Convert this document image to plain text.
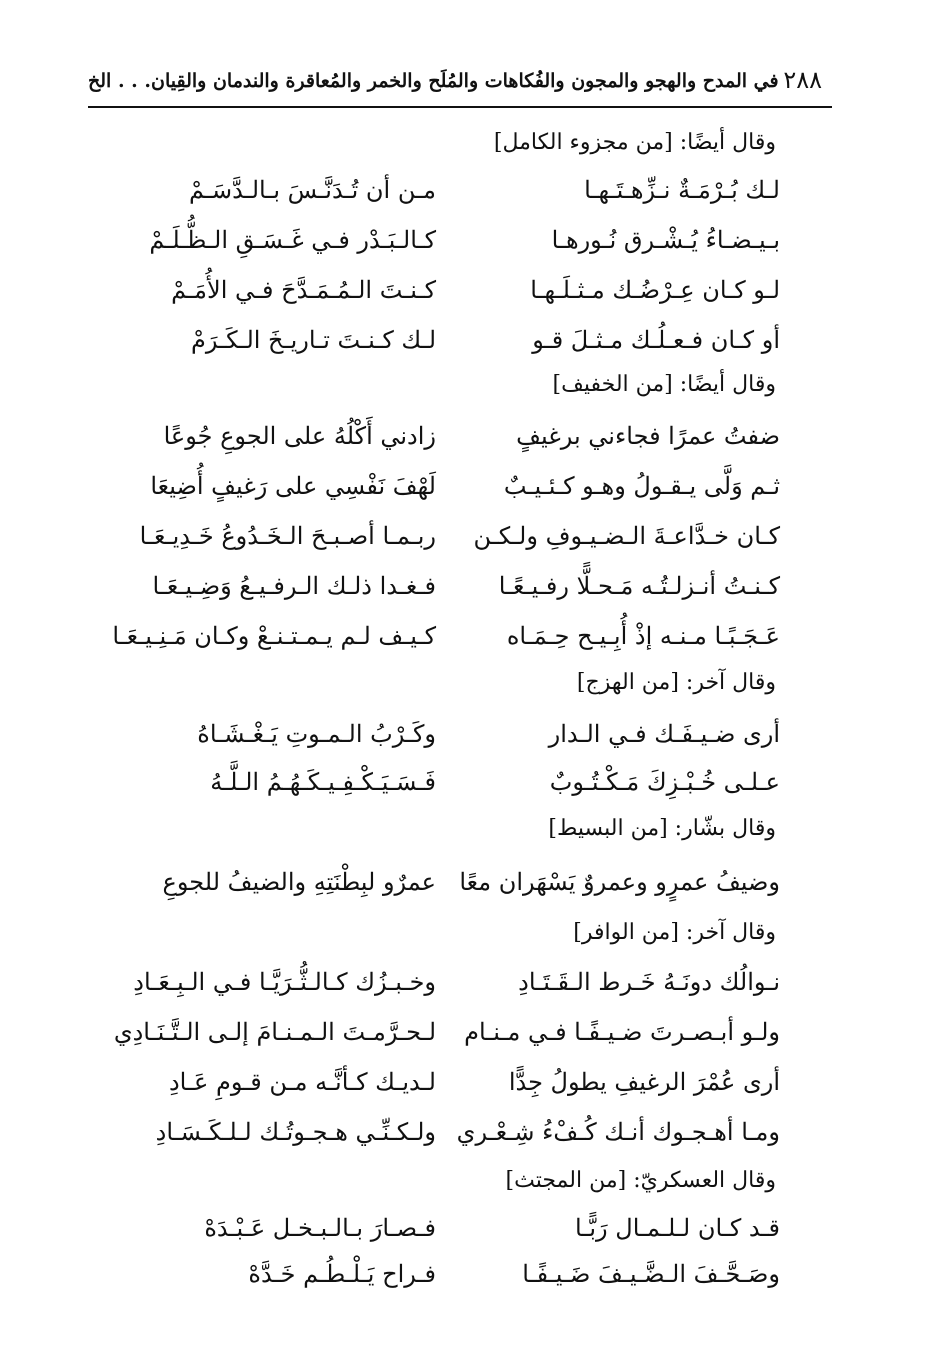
٢٨٨
في المدح والهجو والمجون والفُكاهات والمُلَح والخمر والمُعاقرة والندمان والقِيان. . . الخ
وقال أيضًا: [من مجزوء الكامل]
لـك بُـرْمَـةٌ نـزِّهـتَـهـا
مـن أن تُـدَنَّـسَ بـالـدَّسَـمْ
بـيـضـاءُ يُـشْـرق نُـورهـا
كـالـبَـدْر فـي غَـسَـقِ الـظُّـلَـمْ
لـو كـان عِـرْضُـك مـثـلَـهـا
كـنـتَ الـمُـمَـدَّحَ فـي الأُمَـمْ
أو كـان فـعـلُـك مـثـلَ قـو
لـك كـنـتَ تـاريـخَ الـكَـرَمْ
وقال أيضًا: [من الخفيف]
ضفتُ عمرًا فجاءني برغيفٍ
زادني أَكْلُهُ على الجوعِ جُوعًا
ثـم وَلَّى يـقـولُ وهـو كـئـيـبٌ
لَهْفَ نَفْسِي على رَغيفٍ أُضِيعَا
كـان خـدَّاعـةَ الـضـيـوفِ ولـكـن
ربـمـا أصـبـحَ الـخَـدُوعُ خَـدِيـعَـا
كـنـتُ أنـزلـتُـه مَـحـلًّا رفـيـعًـا
فـغـدا ذلـك الـرفـيـعُ وَضِـيـعَـا
عَـجَـبًـا مـنـه إذْ أُبِـيـح حِـمَـاه
كـيـف لـم يـمـتـنـعْ وكـان مَـنِـيـعَـا
وقال آخر: [من الهزج]
أرى ضـيـفَـك فـي الـدار
وكَـرْبُ الـمـوتِ يَـغْـشَـاهُ
عـلـى خُـبْـزِكَ مَـكْـتُـوبٌ
فَـسَـيَـكْـفِـيـكَـهُـمُ الـلَّـهُ
وقال بشّار: [من البسيط]
وضيفُ عمرٍو وعمروٌ يَسْهَران معًا
عمرٌو لبِطْنَتِهِ والضيفُ للجوعِ
وقال آخر: [من الوافر]
نـوالُك دونَـهُ خَـرط الـقَـتَـادِ
وخـبـزُك كـالـثُّـرَيَّـا فـي الـبِـعَـادِ
ولـو أبـصـرتَ ضـيـفًـا فـي مـنـام
لـحـرَّمـتَ الـمـنـامَ إلـى الـتَّـنَـادِي
أرى عُمْرَ الرغيفِ يطولُ جِدًّا
لـديـك كـأنَّـه مـن قـومِ عَـادِ
ومـا أهـجـوك أنـك كُـفْءُ شِـعْـري
ولـكـنِّـي هـجـوتُـك لـلـكَـسَـادِ
وقال العسكريّ: [من المجتث]
قـد كـان لـلـمـال رَبًّـا
فـصـارَ بـالـبـخـل عَـبْـدَهْ
وصَـحَّـفَ الـضَّـيـفَ ضَـيـفًـا
فـراح يَـلْـطُـم خَـدَّهْ
